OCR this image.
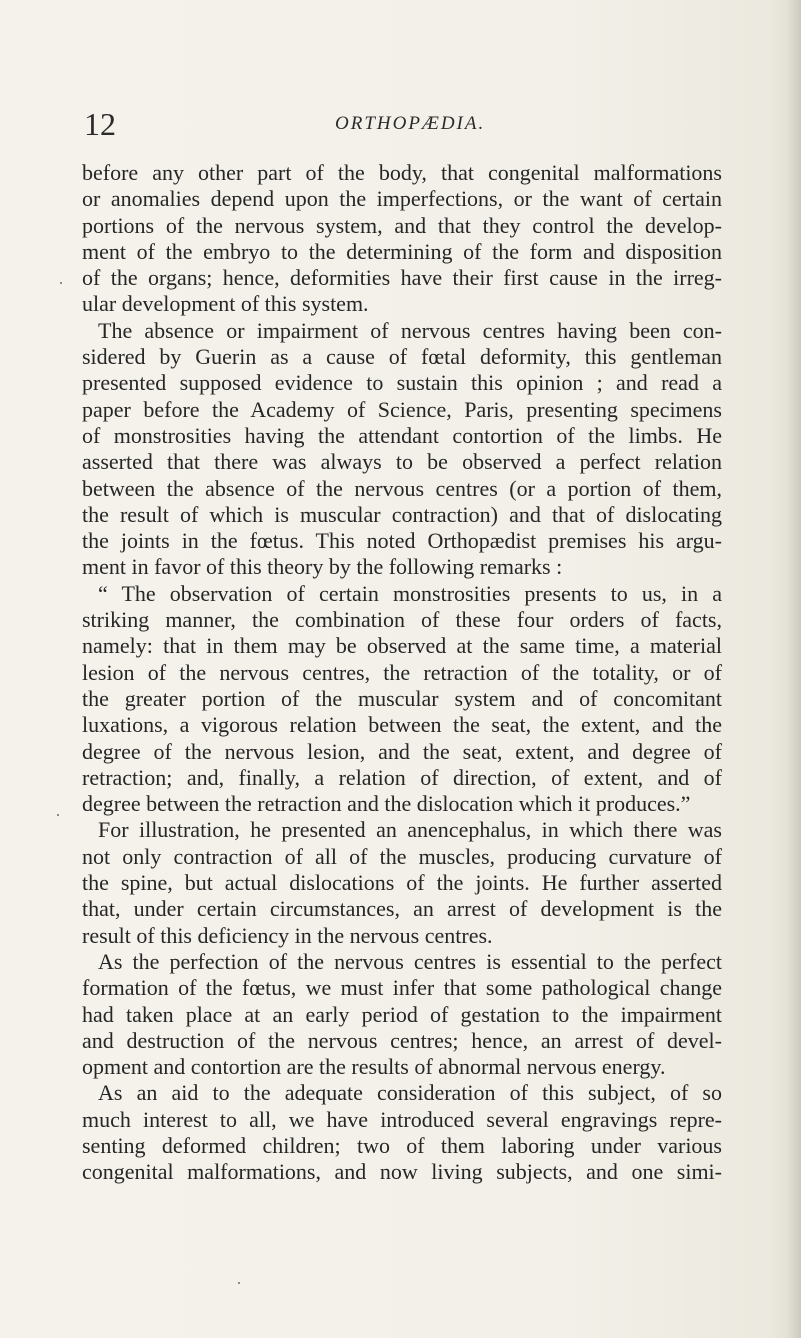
12	ORTHOPÆDIA.
before any other part of the body, that congenital malformations
or anomalies depend upon the imperfections, or the want of certain
portions of the nervous system, and that they control the develop-
ment of the embryo to the determining of the form and disposition
of the organs; hence, deformities have their first cause in the irreg-
ular development of this system.
The absence or impairment of nervous centres having been con-
sidered by Guerin as a cause of fœtal deformity, this gentleman
presented supposed evidence to sustain this opinion ; and read a
paper before the Academy of Science, Paris, presenting specimens
of monstrosities having the attendant contortion of the limbs. He
asserted that there was always to be observed a perfect relation
between the absence of the nervous centres (or a portion of them,
the result of which is muscular contraction) and that of dislocating
the joints in the fœtus. This noted Orthopædist premises his argu-
ment in favor of this theory by the following remarks :
“ The observation of certain monstrosities presents to us, in a
striking manner, the combination of these four orders of facts,
namely: that in them may be observed at the same time, a material
lesion of the nervous centres, the retraction of the totality, or of
the greater portion of the muscular system and of concomitant
luxations, a vigorous relation between the seat, the extent, and the
degree of the nervous lesion, and the seat, extent, and degree of
retraction; and, finally, a relation of direction, of extent, and of
degree between the retraction and the dislocation which it produces.”
For illustration, he presented an anencephalus, in which there was
not only contraction of all of the muscles, producing curvature of
the spine, but actual dislocations of the joints. He further asserted
that, under certain circumstances, an arrest of development is the
result of this deficiency in the nervous centres.
As the perfection of the nervous centres is essential to the perfect
formation of the fœtus, we must infer that some pathological change
had taken place at an early period of gestation to the impairment
and destruction of the nervous centres; hence, an arrest of devel-
opment and contortion are the results of abnormal nervous energy.
As an aid to the adequate consideration of this subject, of so
much interest to all, we have introduced several engravings repre-
senting deformed children; two of them laboring under various
congenital malformations, and now living subjects, and one simi-
